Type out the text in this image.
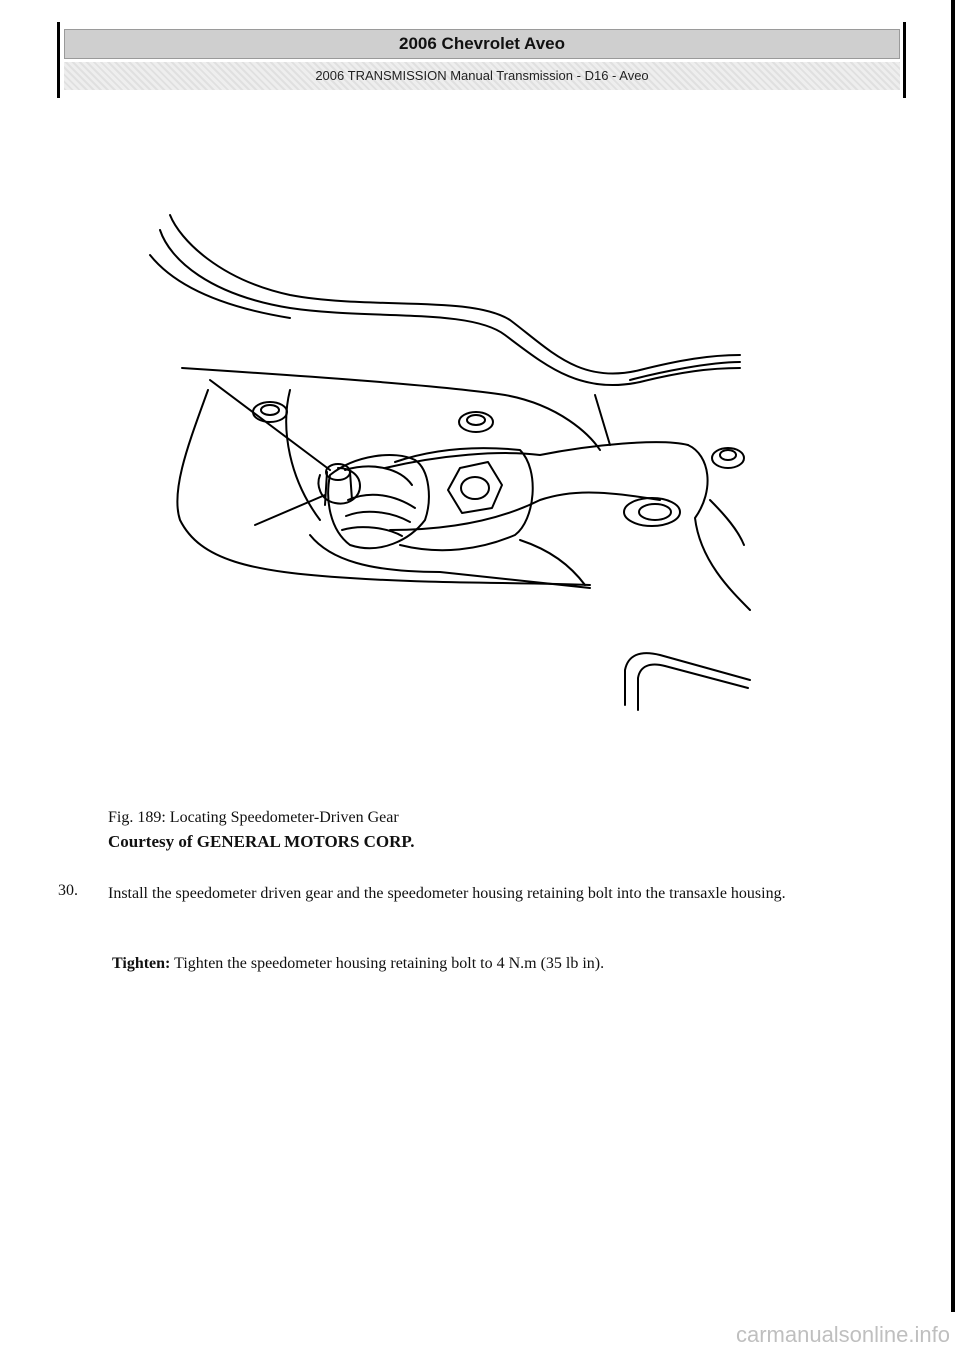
2006 Chevrolet Aveo
2006 TRANSMISSION Manual Transmission - D16 - Aveo
Fig. 189: Locating Speedometer-Driven Gear
Courtesy of GENERAL MOTORS CORP.
30. Install the speedometer driven gear and the speedometer housing retaining bolt into the transaxle housing.
Tighten: Tighten the speedometer housing retaining bolt to 4 N.m (35 lb in).
carmanualsonline.info
